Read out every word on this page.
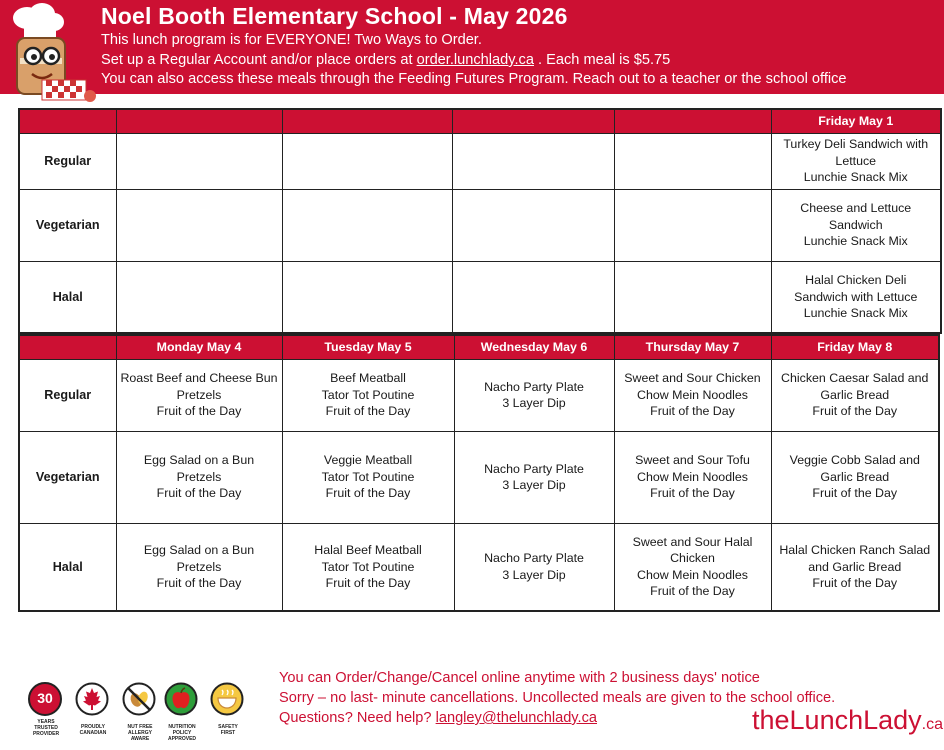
Noel Booth Elementary School - May 2026
This lunch program is for EVERYONE! Two Ways to Order.
Set up a Regular Account and/or place orders at order.lunchlady.ca . Each meal is $5.75
You can also access these meals through the Feeding Futures Program. Reach out to a teacher or the school office
					Friday May 1
Regular					Turkey Deli Sandwich with
Lettuce
Lunchie Snack Mix

Vegetarian					Cheese and Lettuce
Sandwich
Lunchie Snack Mix

Halal					Halal Chicken Deli
Sandwich with Lettuce
Lunchie Snack Mix
	Monday May 4	Tuesday May 5	Wednesday May 6	Thursday May 7	Friday May 8
Regular	Roast Beef and Cheese Bun
Pretzels
Fruit of the Day	Beef Meatball
Tator Tot Poutine
Fruit of the Day	Nacho Party Plate
3 Layer Dip	Sweet and Sour Chicken
Chow Mein Noodles
Fruit of the Day	Chicken Caesar Salad and
Garlic Bread
Fruit of the Day

Vegetarian	Egg Salad on a Bun
Pretzels
Fruit of the Day	Veggie Meatball
Tator Tot Poutine
Fruit of the Day	Nacho Party Plate
3 Layer Dip	Sweet and Sour Tofu
Chow Mein Noodles
Fruit of the Day	Veggie Cobb Salad and
Garlic Bread
Fruit of the Day

Halal	Egg Salad on a Bun
Pretzels
Fruit of the Day	Halal Beef Meatball
Tator Tot Poutine
Fruit of the Day	Nacho Party Plate
3 Layer Dip	Sweet and Sour Halal
Chicken
Chow Mein Noodles
Fruit of the Day	Halal Chicken Ranch Salad
and Garlic Bread
Fruit of the Day
30
YEARS
TRUSTED
PROVIDER
PROUDLY
CANADIAN
NUT FREE
ALLERGY
AWARE
NUTRITION
POLICY
APPROVED
SAFETY
FIRST
You can Order/Change/Cancel online anytime with 2 business days' notice
Sorry – no last- minute cancellations. Uncollected meals are given to the school office.
Questions? Need help? langley@thelunchlady.ca	theLunchLady.ca
